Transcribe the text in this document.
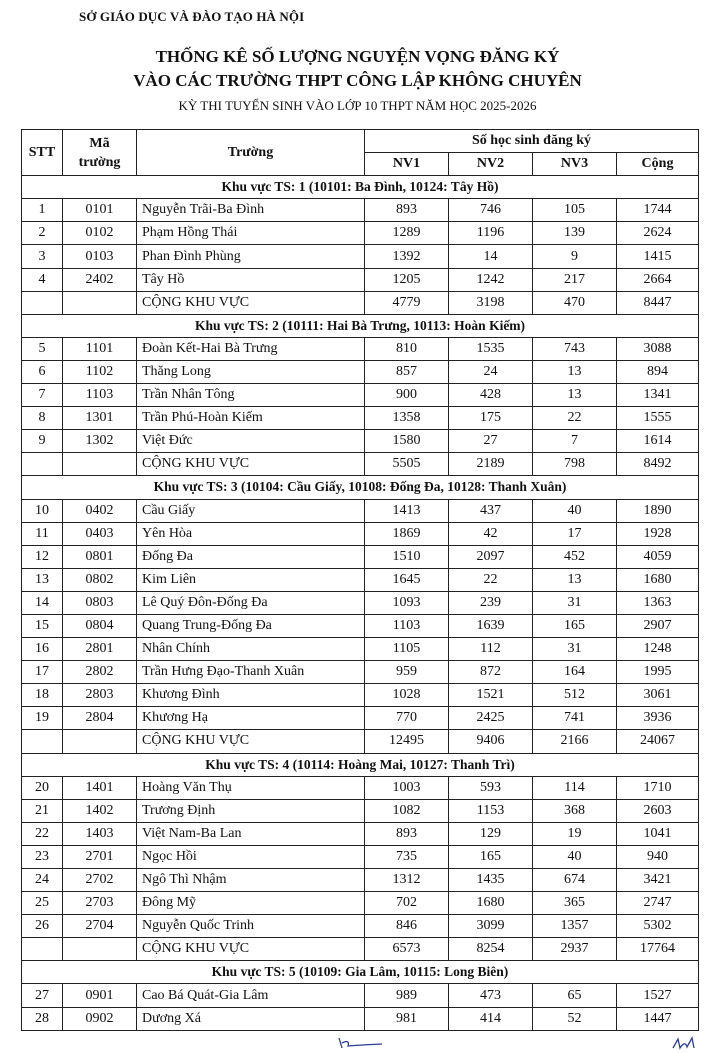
SỞ GIÁO DỤC VÀ ĐÀO TẠO HÀ NỘI
THỐNG KÊ SỐ LƯỢNG NGUYỆN VỌNG ĐĂNG KÝ
VÀO CÁC TRƯỜNG THPT CÔNG LẬP KHÔNG CHUYÊN
KỲ THI TUYỂN SINH VÀO LỚP 10 THPT NĂM HỌC 2025-2026
STT	Mã trường	Trường	Số học sinh đăng ký			
			NV1	NV2	NV3	Cộng
Khu vực TS: 1 (10101: Ba Đình, 10124: Tây Hồ)						
1	0101	Nguyễn Trãi-Ba Đình	893	746	105	1744
2	0102	Phạm Hồng Thái	1289	1196	139	2624
3	0103	Phan Đình Phùng	1392	14	9	1415
4	2402	Tây Hồ	1205	1242	217	2664
		CỘNG KHU VỰC	4779	3198	470	8447
Khu vực TS: 2 (10111: Hai Bà Trưng, 10113: Hoàn Kiếm)						
5	1101	Đoàn Kết-Hai Bà Trưng	810	1535	743	3088
6	1102	Thăng Long	857	24	13	894
7	1103	Trần Nhân Tông	900	428	13	1341
8	1301	Trần Phú-Hoàn Kiếm	1358	175	22	1555
9	1302	Việt Đức	1580	27	7	1614
		CỘNG KHU VỰC	5505	2189	798	8492
Khu vực TS: 3 (10104: Cầu Giấy, 10108: Đống Đa, 10128: Thanh Xuân)						
10	0402	Cầu Giấy	1413	437	40	1890
11	0403	Yên Hòa	1869	42	17	1928
12	0801	Đống Đa	1510	2097	452	4059
13	0802	Kim Liên	1645	22	13	1680
14	0803	Lê Quý Đôn-Đống Đa	1093	239	31	1363
15	0804	Quang Trung-Đống Đa	1103	1639	165	2907
16	2801	Nhân Chính	1105	112	31	1248
17	2802	Trần Hưng Đạo-Thanh Xuân	959	872	164	1995
18	2803	Khương Đình	1028	1521	512	3061
19	2804	Khương Hạ	770	2425	741	3936
		CỘNG KHU VỰC	12495	9406	2166	24067
Khu vực TS: 4 (10114: Hoàng Mai, 10127: Thanh Trì)						
20	1401	Hoàng Văn Thụ	1003	593	114	1710
21	1402	Trương Định	1082	1153	368	2603
22	1403	Việt Nam-Ba Lan	893	129	19	1041
23	2701	Ngọc Hồi	735	165	40	940
24	2702	Ngô Thì Nhậm	1312	1435	674	3421
25	2703	Đông Mỹ	702	1680	365	2747
26	2704	Nguyễn Quốc Trinh	846	3099	1357	5302
		CỘNG KHU VỰC	6573	8254	2937	17764
Khu vực TS: 5 (10109: Gia Lâm, 10115: Long Biên)						
27	0901	Cao Bá Quát-Gia Lâm	989	473	65	1527
28	0902	Dương Xá	981	414	52	1447
